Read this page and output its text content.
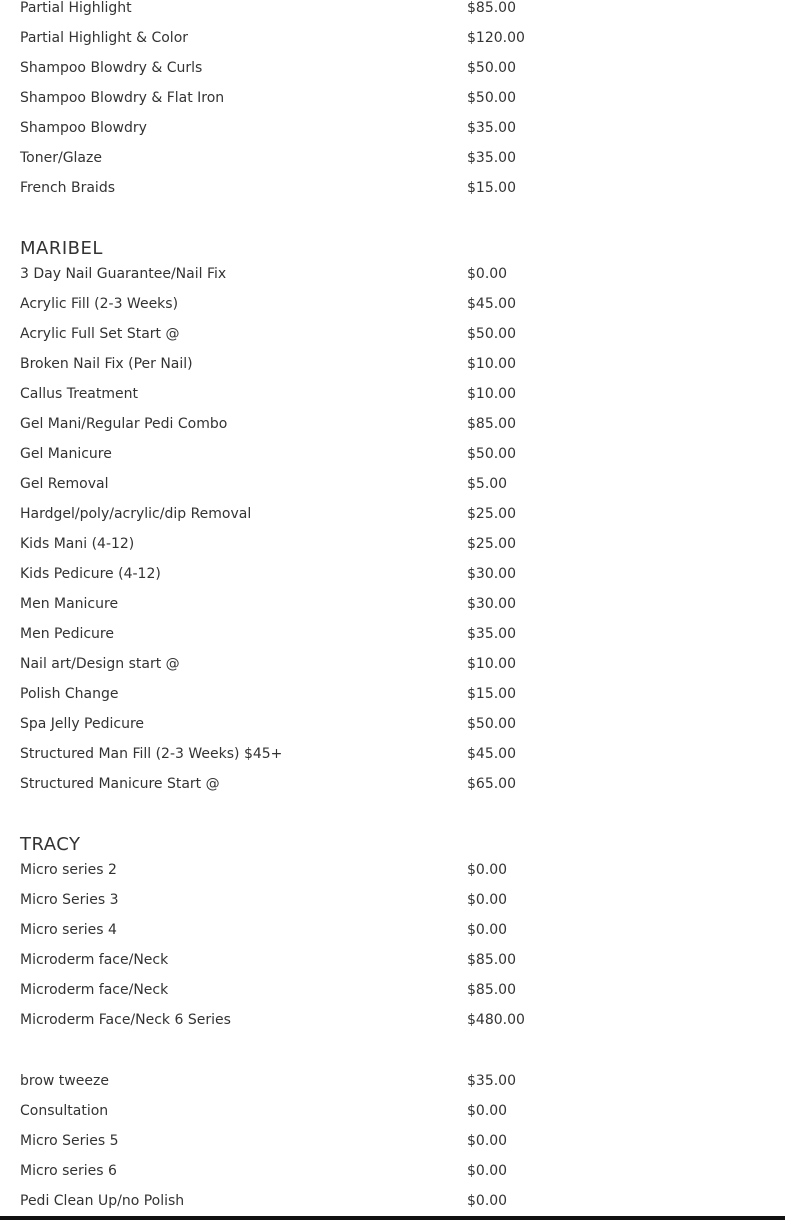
Partial Highlight	$85.00
Partial Highlight & Color	$120.00
Shampoo Blowdry & Curls	$50.00
Shampoo Blowdry & Flat Iron	$50.00
Shampoo Blowdry	$35.00
Toner/Glaze	$35.00
French Braids	$15.00
MARIBEL
3 Day Nail Guarantee/Nail Fix	$0.00
Acrylic Fill (2-3 Weeks)	$45.00
Acrylic Full Set Start @	$50.00
Broken Nail Fix (Per Nail)	$10.00
Callus Treatment	$10.00
Gel Mani/Regular Pedi Combo	$85.00
Gel Manicure	$50.00
Gel Removal	$5.00
Hardgel/poly/acrylic/dip Removal	$25.00
Kids Mani (4-12)	$25.00
Kids Pedicure (4-12)	$30.00
Men Manicure	$30.00
Men Pedicure	$35.00
Nail art/Design start @	$10.00
Polish Change	$15.00
Spa Jelly Pedicure	$50.00
Structured Man Fill (2-3 Weeks) $45+	$45.00
Structured Manicure Start @	$65.00
TRACY
Micro series 2	$0.00
Micro Series 3	$0.00
Micro series 4	$0.00
Microderm face/Neck	$85.00
Microderm face/Neck	$85.00
Microderm Face/Neck 6 Series	$480.00
brow tweeze	$35.00
Consultation	$0.00
Micro Series 5	$0.00
Micro series 6	$0.00
Pedi Clean Up/no Polish	$0.00
